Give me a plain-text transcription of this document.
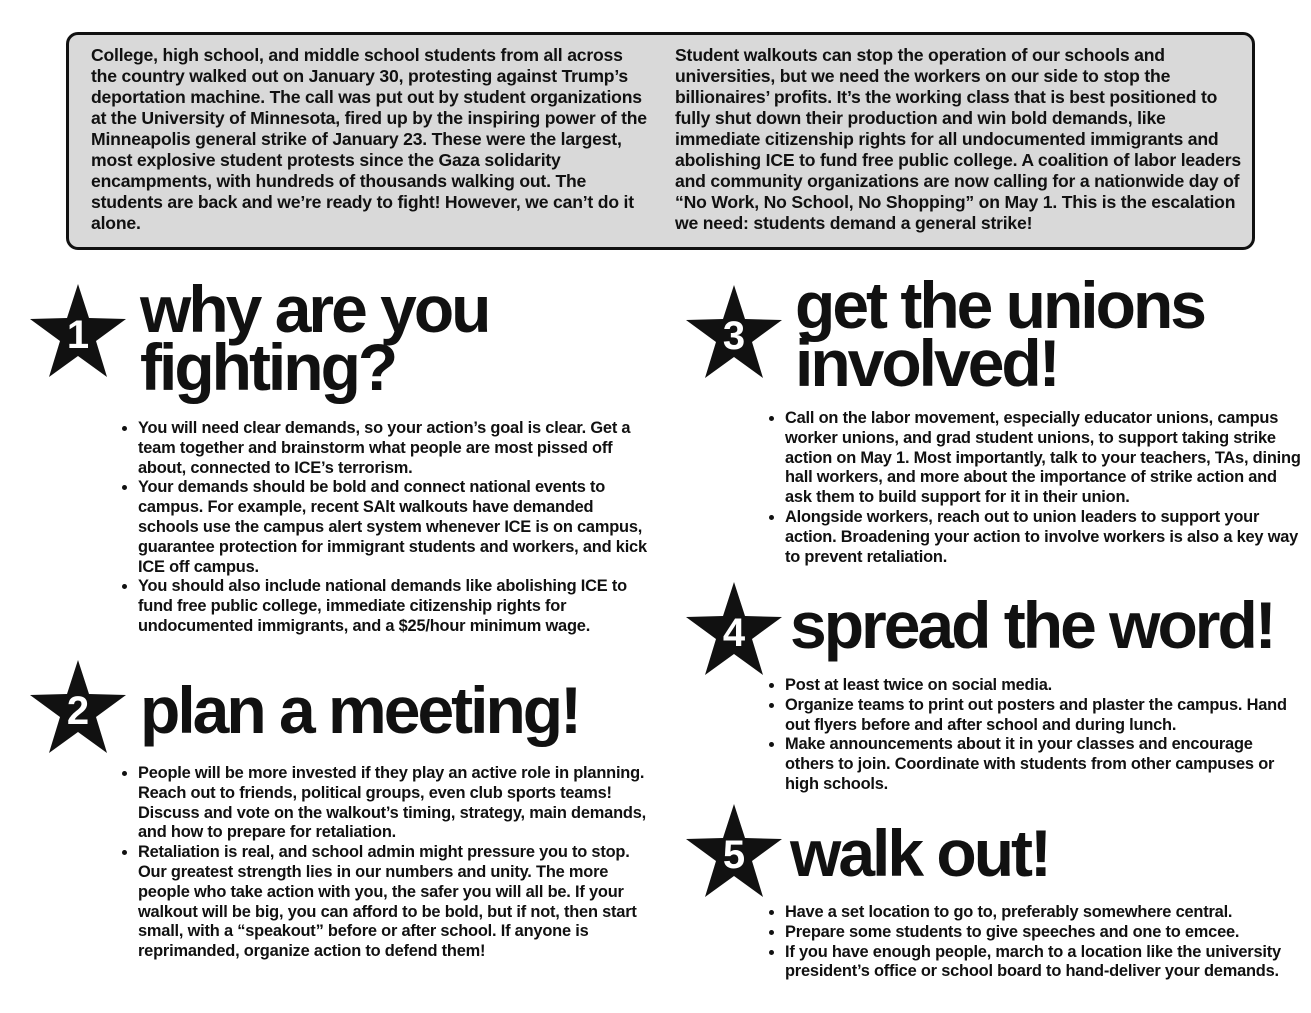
College, high school, and middle school students from all across the country walked out on January 30, protesting against Trump’s deportation machine. The call was put out by student organizations at the University of Minnesota, fired up by the inspiring power of the Minneapolis general strike of January 23. These were the largest, most explosive student protests since the Gaza solidarity encampments, with hundreds of thousands walking out. The students are back and we’re ready to fight! However, we can’t do it alone.
Student walkouts can stop the operation of our schools and universities, but we need the workers on our side to stop the billionaires’ profits. It’s the working class that is best positioned to fully shut down their production and win bold demands, like immediate citizenship rights for all undocumented immigrants and abolishing ICE to fund free public college. A coalition of labor leaders and community organizations are now calling for a nationwide day of “No Work, No School, No Shopping” on May 1. This is the escalation we need: students demand a general strike!
1 why are you
fighting?
• You will need clear demands, so your action’s goal is clear. Get a team together and brainstorm what people are most pissed off about, connected to ICE’s terrorism.
• Your demands should be bold and connect national events to campus. For example, recent SAlt walkouts have demanded schools use the campus alert system whenever ICE is on campus, guarantee protection for immigrant students and workers, and kick ICE off campus.
• You should also include national demands like abolishing ICE to fund free public college, immediate citizenship rights for undocumented immigrants, and a $25/hour minimum wage.
2 plan a meeting!
• People will be more invested if they play an active role in planning. Reach out to friends, political groups, even club sports teams! Discuss and vote on the walkout’s timing, strategy, main demands, and how to prepare for retaliation.
• Retaliation is real, and school admin might pressure you to stop. Our greatest strength lies in our numbers and unity. The more people who take action with you, the safer you will all be. If your walkout will be big, you can afford to be bold, but if not, then start small, with a “speakout” before or after school. If anyone is reprimanded, organize action to defend them!
3 get the unions
involved!
• Call on the labor movement, especially educator unions, campus worker unions, and grad student unions, to support taking strike action on May 1. Most importantly, talk to your teachers, TAs, dining hall workers, and more about the importance of strike action and ask them to build support for it in their union.
• Alongside workers, reach out to union leaders to support your action. Broadening your action to involve workers is also a key way to prevent retaliation.
4 spread the word!
• Post at least twice on social media.
• Organize teams to print out posters and plaster the campus. Hand out flyers before and after school and during lunch.
• Make announcements about it in your classes and encourage others to join. Coordinate with students from other campuses or high schools.
5 walk out!
• Have a set location to go to, preferably somewhere central.
• Prepare some students to give speeches and one to emcee.
• If you have enough people, march to a location like the university president’s office or school board to hand-deliver your demands.
